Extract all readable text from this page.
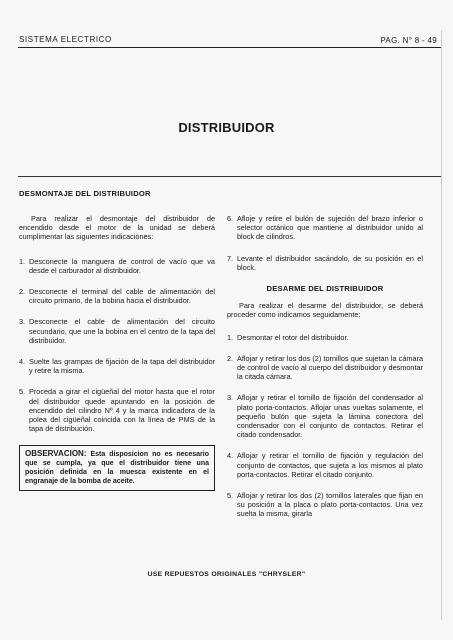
SISTEMA ELECTRICO	PAG. N° 8 - 49
DISTRIBUIDOR
DESMONTAJE DEL DISTRIBUIDOR

Para realizar el desmontaje del distribuidor de encendido desde el motor de la unidad se deberá cumplimentar las siguientes indicaciones:

1. Desconecte la manguera de control de vacío que va desde el carburador al distribuidor.

2. Desconecte el terminal del cable de alimentación del circuito primario, de la bobina hacia el distribuidor.

3. Desconecte el cable de alimentación del circuito secundario, que une la bobina en el centro de la tapa del distribuidor.

4. Suelte las grampas de fijación de la tapa del distribuidor y retire la misma.

5. Proceda a girar el cigüeñal del motor hasta que el rotor del distribuidor quede apuntando en la posición de encendido del cilindro Nº 4 y la marca indicadora de la polea del cigüeñal coincida con la línea de PMS de la tapa de distribución.

OBSERVACION: Esta disposicion no es necesario que se cumpla, ya que el distribuidor tiene una posición definida en la muesca existente en el engranaje de la bomba de aceite.

6. Afloje y retire el bulón de sujeción del brazo inferior o selector octánico que mantiene al distribuidor unido al block de cilindros.

7. Levante el distribuidor sacándolo, de su posición en el block.

DESARME DEL DISTRIBUIDOR

Para realizar el desarme del distribuidor, se deberá proceder como indicamos seguidamente:

1. Desmontar el rotor del distribuidor.

2. Aflojar y retirar los dos (2) tornillos que sujetan la cámara de control de vacío al cuerpo del distribuidor y desmontar la citada cámara.

3. Aflojar y retirar el tornillo de fijación del condensador al plato porta-contactos. Aflojar unas vueltas solamente, el pequeño bulón que sujeta la lámina conectora del condensador con el conjunto de contactos. Retirar el citado condensador.

4. Aflojar y retirar el tornillo de fijación y regulación del conjunto de contactos, que sujeta a los mismos al plato porta-contactos. Retirar el citado conjunto.

5. Aflojar y retirar los dos (2) tornillos laterales que fijan en su posición a la placa o plato porta-contactos. Una vez suelta la misma, girarla

USE REPUESTOS ORIGINALES "CHRYSLER"
